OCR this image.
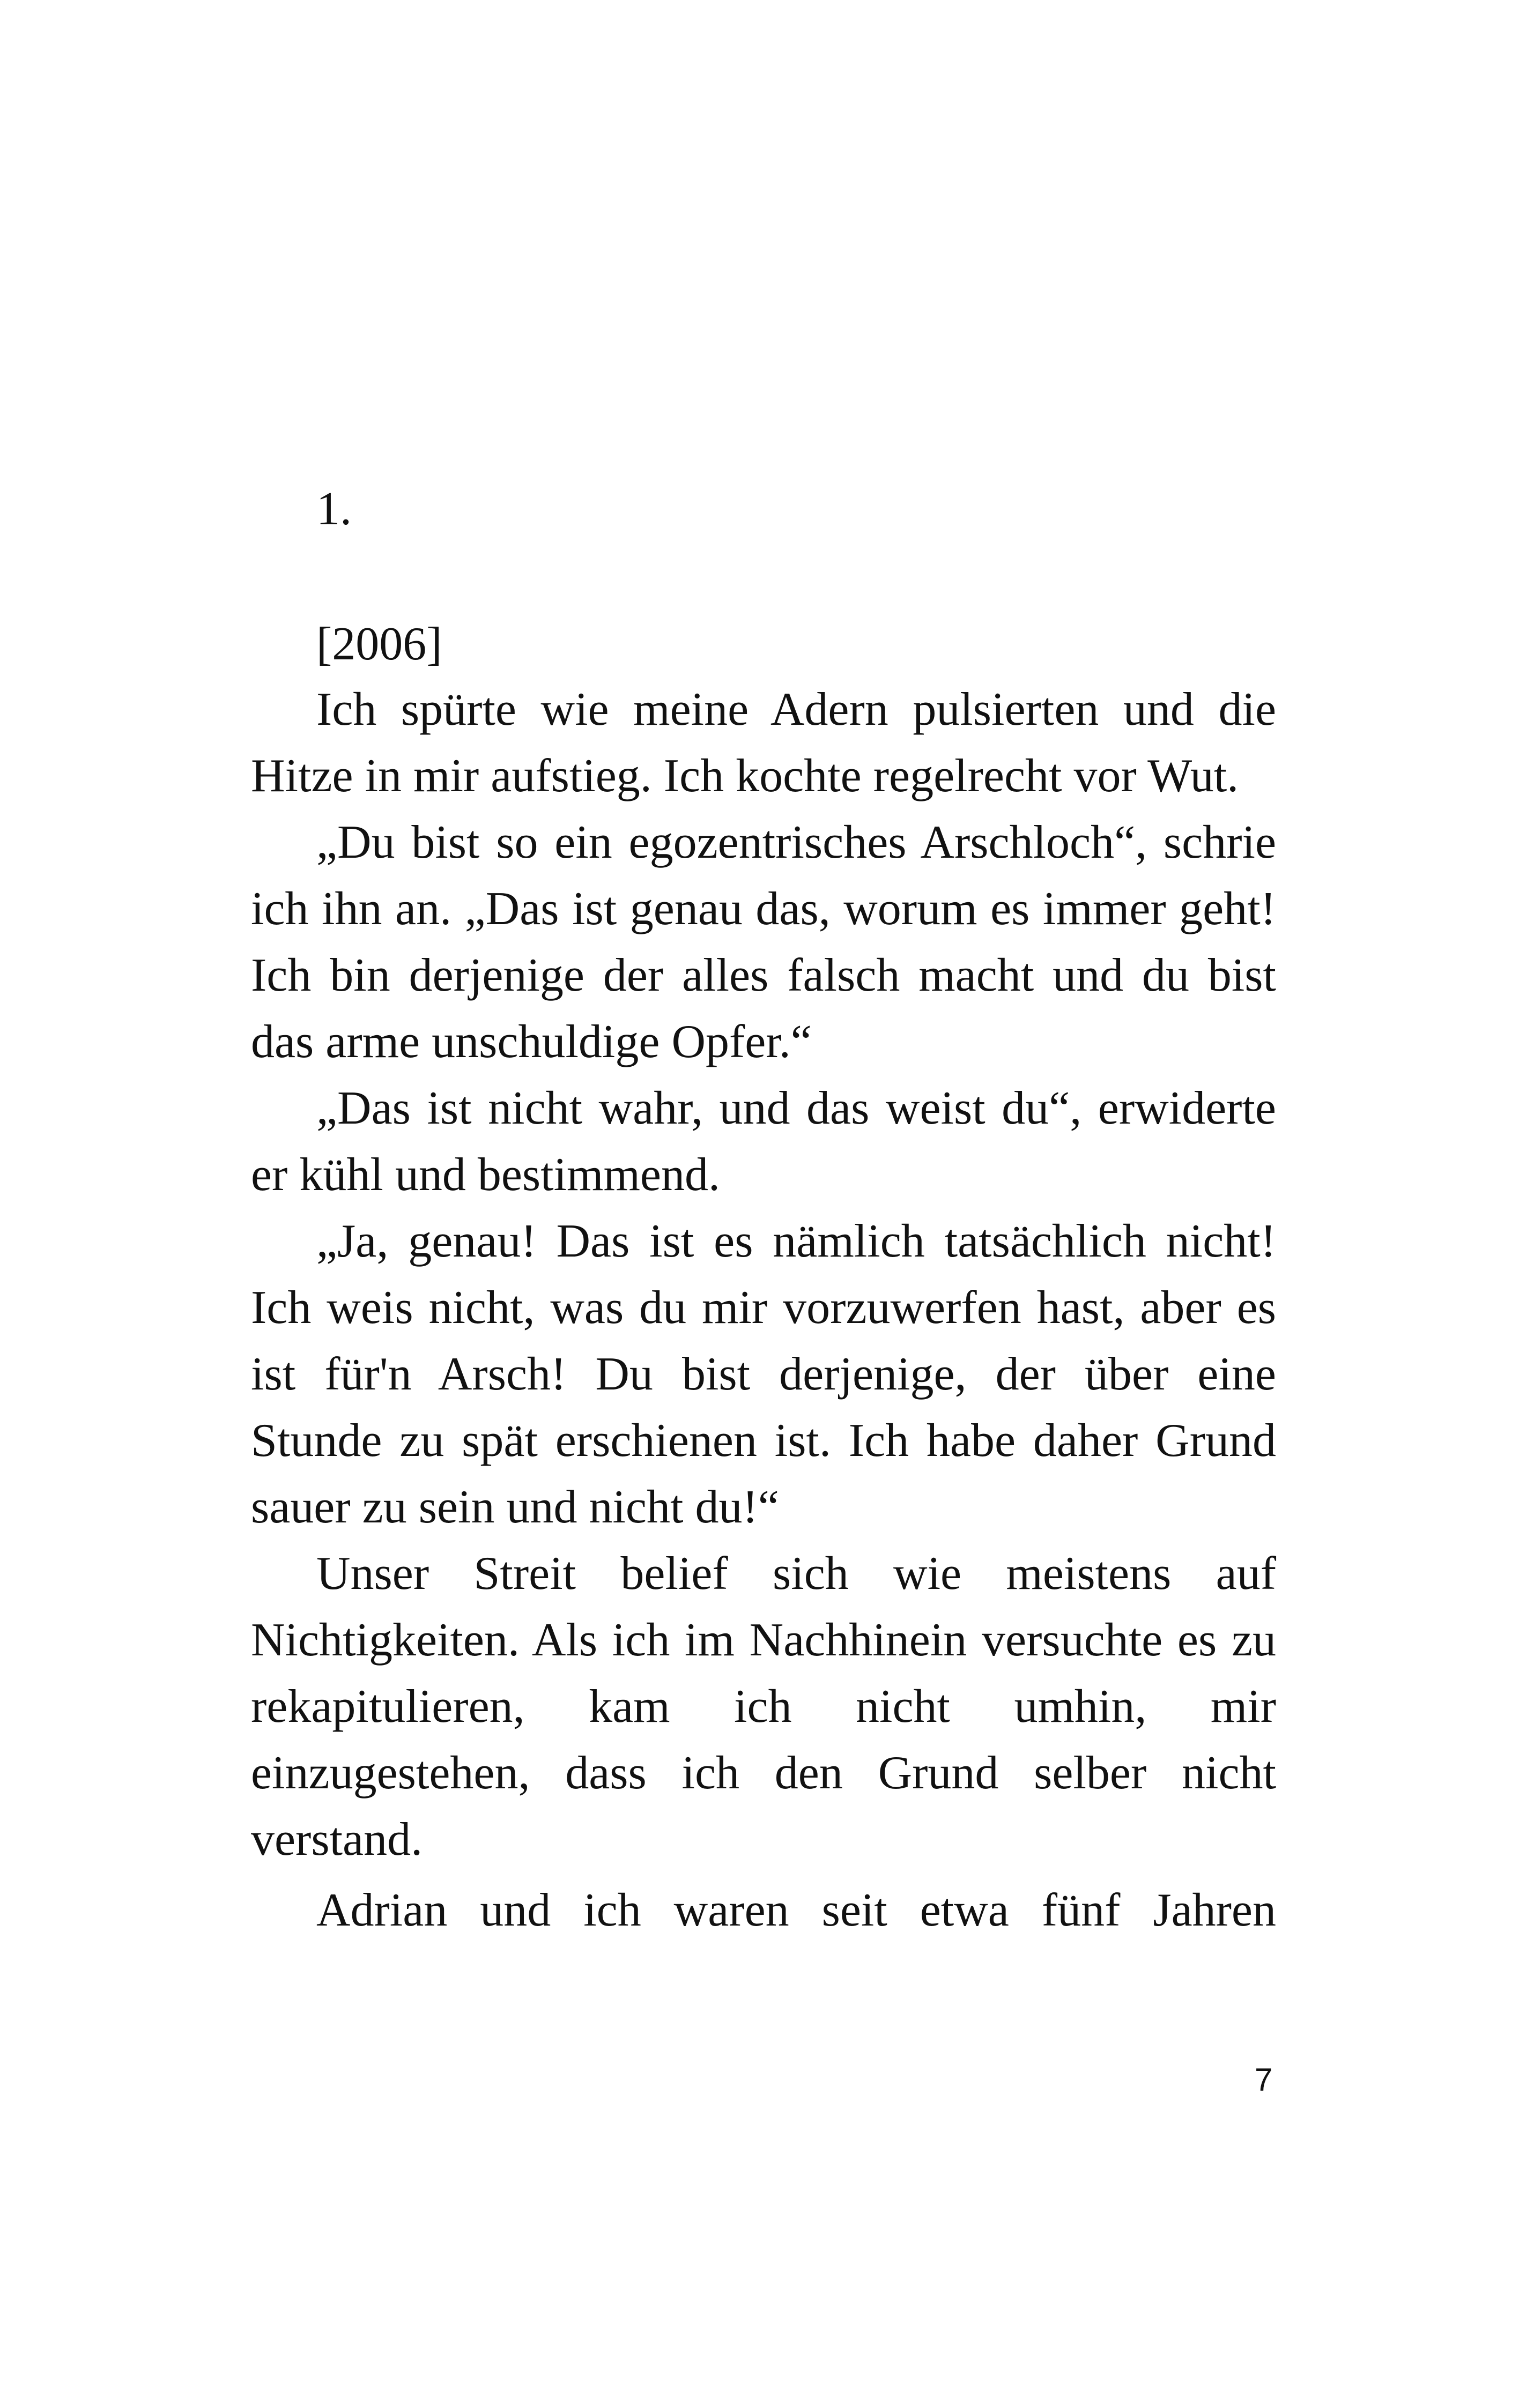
1.

[2006]

Ich spürte wie meine Adern pulsierten und die Hitze in mir aufstieg. Ich kochte regelrecht vor Wut.

„Du bist so ein egozentrisches Arschloch“, schrie ich ihn an. „Das ist genau das, worum es immer geht! Ich bin derjenige der alles falsch macht und du bist das arme unschuldige Opfer.“

„Das ist nicht wahr, und das weist du“, erwiderte er kühl und bestimmend.

„Ja, genau! Das ist es nämlich tatsächlich nicht! Ich weis nicht, was du mir vorzuwerfen hast, aber es ist für'n Arsch! Du bist derjenige, der über eine Stunde zu spät erschienen ist. Ich habe daher Grund sauer zu sein und nicht du!“

Unser Streit belief sich wie meistens auf Nichtigkeiten. Als ich im Nachhinein versuchte es zu rekapitulieren, kam ich nicht umhin, mir einzugestehen, dass ich den Grund selber nicht verstand.

Adrian und ich waren seit etwa fünf Jahren

7
